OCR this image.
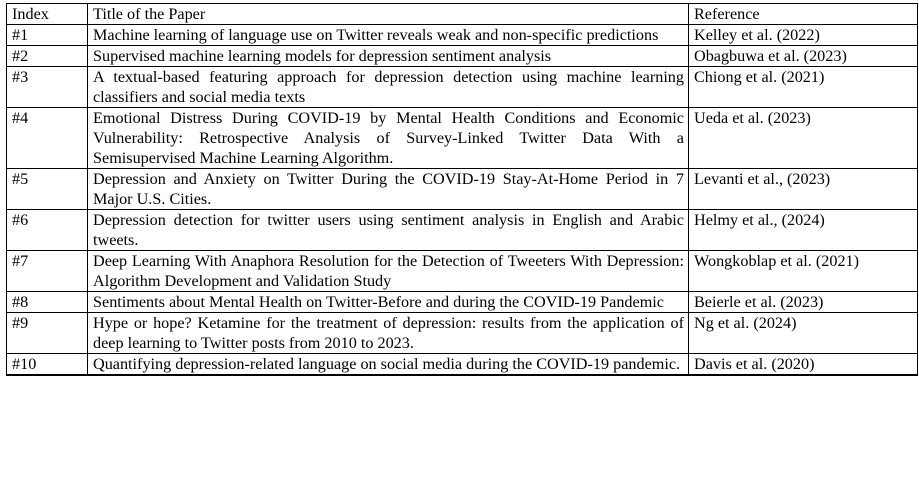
Index	Title of the Paper	Reference
#1	Machine learning of language use on Twitter reveals weak and non-specific predictions	Kelley et al. (2022)
#2	Supervised machine learning models for depression sentiment analysis	Obagbuwa et al. (2023)
#3	A textual-based featuring approach for depression detection using machine learning classifiers and social media texts	Chiong et al. (2021)
#4	Emotional Distress During COVID-19 by Mental Health Conditions and Economic Vulnerability: Retrospective Analysis of Survey-Linked Twitter Data With a Semisupervised Machine Learning Algorithm.	Ueda et al. (2023)
#5	Depression and Anxiety on Twitter During the COVID-19 Stay-At-Home Period in 7 Major U.S. Cities.	Levanti et al., (2023)
#6	Depression detection for twitter users using sentiment analysis in English and Arabic tweets.	Helmy et al., (2024)
#7	Deep Learning With Anaphora Resolution for the Detection of Tweeters With Depression: Algorithm Development and Validation Study	Wongkoblap et al. (2021)
#8	Sentiments about Mental Health on Twitter-Before and during the COVID-19 Pandemic	Beierle et al. (2023)
#9	Hype or hope? Ketamine for the treatment of depression: results from the application of deep learning to Twitter posts from 2010 to 2023.	Ng et al. (2024)
#10	Quantifying depression-related language on social media during the COVID-19 pandemic.	Davis et al. (2020)
